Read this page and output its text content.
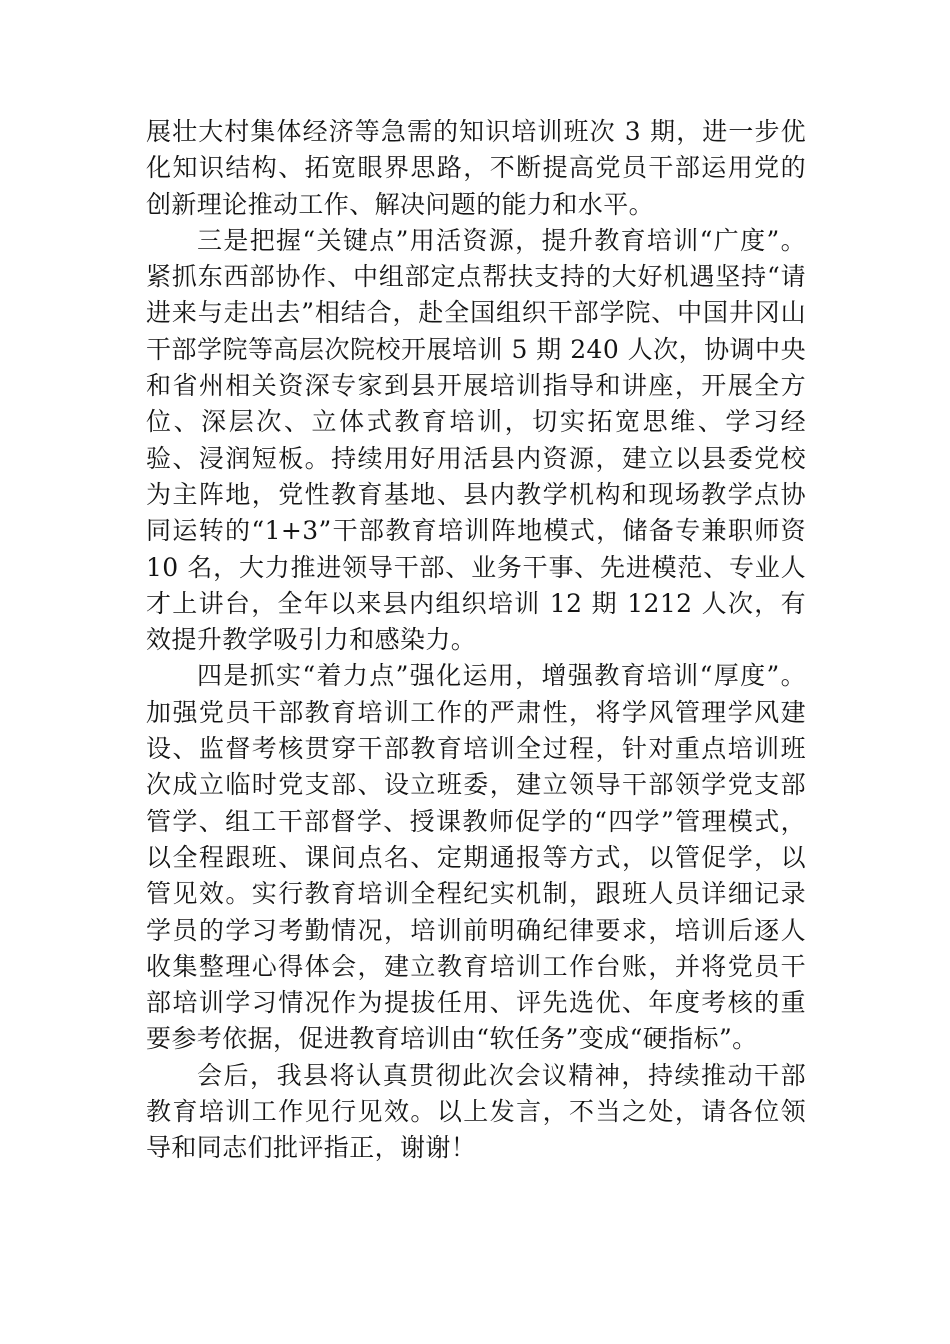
展壮大村集体经济等急需的知识培训班次 3 期，进一步优化知识结构、拓宽眼界思路，不断提高党员干部运用党的创新理论推动工作、解决问题的能力和水平。

三是把握“关键点”用活资源，提升教育培训“广度”。紧抓东西部协作、中组部定点帮扶支持的大好机遇坚持“请进来与走出去”相结合，赴全国组织干部学院、中国井冈山干部学院等高层次院校开展培训 5 期 240 人次，协调中央和省州相关资深专家到县开展培训指导和讲座，开展全方位、深层次、立体式教育培训，切实拓宽思维、学习经验、浸润短板。持续用好用活县内资源，建立以县委党校为主阵地，党性教育基地、县内教学机构和现场教学点协同运转的“1+3”干部教育培训阵地模式，储备专兼职师资 10 名，大力推进领导干部、业务干事、先进模范、专业人才上讲台，全年以来县内组织培训 12 期 1212 人次，有效提升教学吸引力和感染力。

四是抓实“着力点”强化运用，增强教育培训“厚度”。加强党员干部教育培训工作的严肃性，将学风管理学风建设、监督考核贯穿干部教育培训全过程，针对重点培训班次成立临时党支部、设立班委，建立领导干部领学党支部管学、组工干部督学、授课教师促学的“四学”管理模式，以全程跟班、课间点名、定期通报等方式，以管促学，以管见效。实行教育培训全程纪实机制，跟班人员详细记录学员的学习考勤情况，培训前明确纪律要求，培训后逐人收集整理心得体会，建立教育培训工作台账，并将党员干部培训学习情况作为提拔任用、评先选优、年度考核的重要参考依据，促进教育培训由“软任务”变成“硬指标”。

会后，我县将认真贯彻此次会议精神，持续推动干部教育培训工作见行见效。以上发言，不当之处，请各位领导和同志们批评指正，谢谢！
